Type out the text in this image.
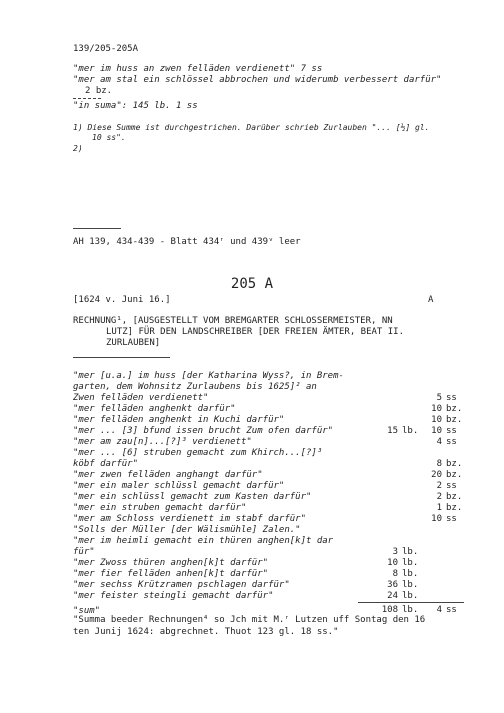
139/205-205A
"mer im huss an zwen felläden verdienett" 7 ss
"mer am stal ein schlössel abbrochen und widerumb verbessert darfür"
2 bz.
"in suma": 145 lb. 1 ss
1) Diese Summe ist durchgestrichen. Darüber schrieb Zurlauben "... [½] gl.
10 ss".
2)
AH 139, 434-439 - Blatt 434ʳ und 439ᵛ leer
205 A
[1624 v. Juni 16.]	A
RECHNUNG¹, [AUSGESTELLT VOM BREMGARTER SCHLOSSERMEISTER, NN
LUTZ] FÜR DEN LANDSCHREIBER [DER FREIEN ÄMTER, BEAT II.
ZURLAUBEN]
"mer [u.a.] im huss [der Katharina Wyss?, in Brem-				
garten, dem Wohnsitz Zurlaubens bis 1625]² an				
Zwen felläden verdienett"			5	ss
"mer felläden anghenkt darfür"			10	bz.
"mer felläden anghenkt in Kuchi darfür"			10	bz.
"mer ... [3] bfund issen brucht Zum ofen darfür"	15	lb.	10	ss
"mer am zau[n]...[?]³ verdienett"			4	ss
"mer ... [6] struben gemacht zum Khirch...[?]³				
köbf darfür"			8	bz.
"mer zwen felläden anghangt darfür"			20	bz.
"mer ein maler schlüssl gemacht darfür"			2	ss
"mer ein schlüssl gemacht zum Kasten darfür"			2	bz.
"mer ein struben gemacht darfür"			1	bz.
"mer am Schloss verdienett im stabf darfür"			10	ss
"Solls der Müller [der Wälismühle] Zalen."				
"mer im heimli gemacht ein thüren anghen[k]t dar				
für"	3	lb.		
"mer Zwoss thüren anghen[k]t darfür"	10	lb.		
"mer fier felläden anhen[k]t darfür"	8	lb.		
"mer sechss Krützramen pschlagen darfür"	36	lb.		
"mer feister steingli gemacht darfür"	24	lb.		
"sum"	108	lb.	4	ss
"Summa beeder Rechnungen⁴ so Jch mit M.ʳ Lutzen uff Sontag den 16
ten Junij 1624: abgrechnet. Thuot 123 gl. 18 ss."
